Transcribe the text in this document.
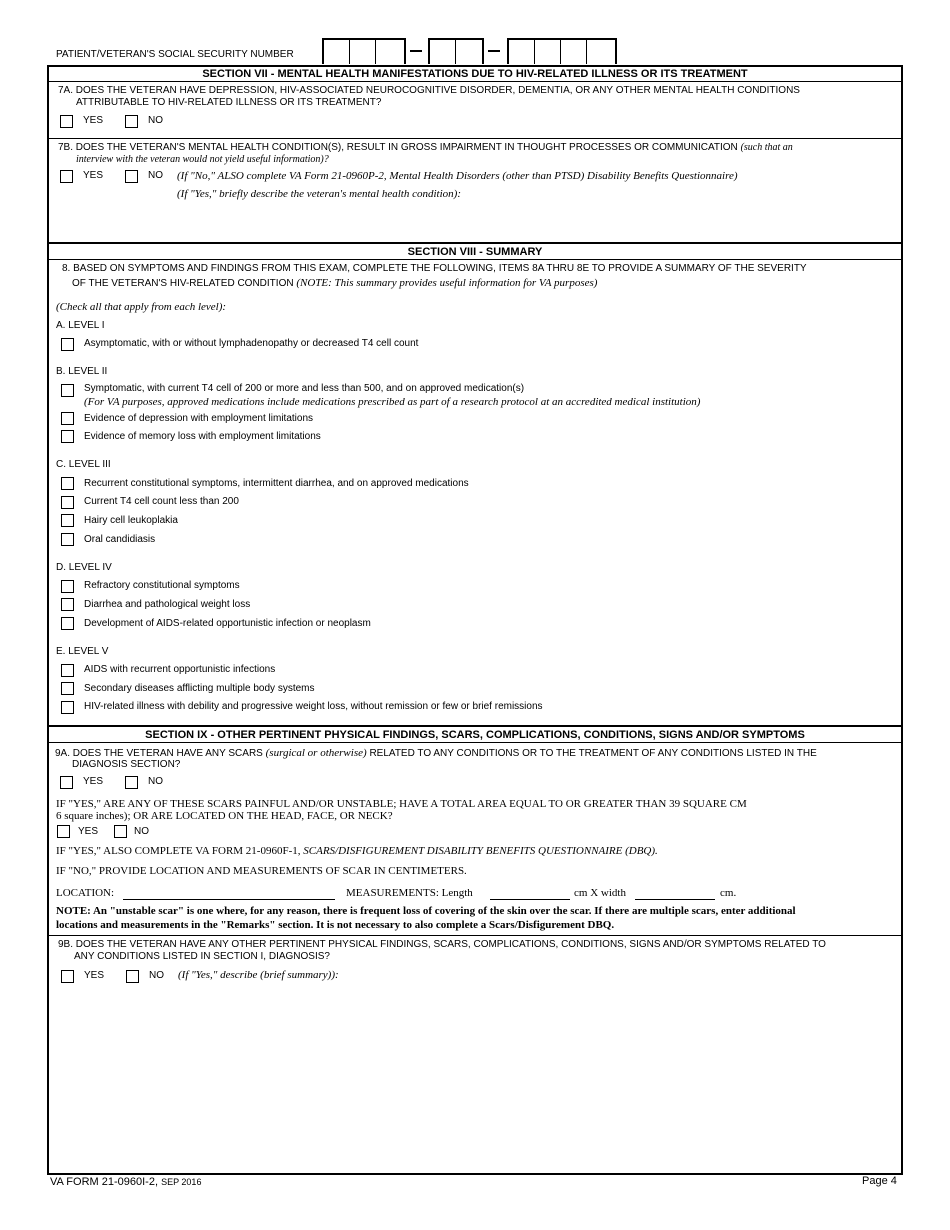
PATIENT/VETERAN'S SOCIAL SECURITY NUMBER
SECTION VII - MENTAL HEALTH MANIFESTATIONS DUE TO HIV-RELATED ILLNESS OR ITS TREATMENT
7A. DOES THE VETERAN HAVE DEPRESSION, HIV-ASSOCIATED NEUROCOGNITIVE DISORDER, DEMENTIA, OR ANY OTHER MENTAL HEALTH CONDITIONS
ATTRIBUTABLE TO HIV-RELATED ILLNESS OR ITS TREATMENT?
YES	NO
7B. DOES THE VETERAN'S MENTAL HEALTH CONDITION(S), RESULT IN GROSS IMPAIRMENT IN THOUGHT PROCESSES OR COMMUNICATION (such that an
interview with the veteran would not yield useful information)?
YES	NO (If "No," ALSO complete VA Form 21-0960P-2, Mental Health Disorders (other than PTSD) Disability Benefits Questionnaire)
(If "Yes," briefly describe the veteran's mental health condition):
SECTION VIII - SUMMARY
8. BASED ON SYMPTOMS AND FINDINGS FROM THIS EXAM, COMPLETE THE FOLLOWING, ITEMS 8A THRU 8E TO PROVIDE A SUMMARY OF THE SEVERITY
OF THE VETERAN'S HIV-RELATED CONDITION (NOTE: This summary provides useful information for VA purposes)
(Check all that apply from each level):
A. LEVEL I
Asymptomatic, with or without lymphadenopathy or decreased T4 cell count
B. LEVEL II
Symptomatic, with current T4 cell of 200 or more and less than 500, and on approved medication(s)
(For VA purposes, approved medications include medications prescribed as part of a research protocol at an accredited medical institution)
Evidence of depression with employment limitations
Evidence of memory loss with employment limitations
C. LEVEL III
Recurrent constitutional symptoms, intermittent diarrhea, and on approved medications
Current T4 cell count less than 200
Hairy cell leukoplakia
Oral candidiasis
D. LEVEL IV
Refractory constitutional symptoms
Diarrhea and pathological weight loss
Development of AIDS-related opportunistic infection or neoplasm
E. LEVEL V
AIDS with recurrent opportunistic infections
Secondary diseases afflicting multiple body systems
HIV-related illness with debility and progressive weight loss, without remission or few or brief remissions
SECTION IX - OTHER PERTINENT PHYSICAL FINDINGS, SCARS, COMPLICATIONS, CONDITIONS, SIGNS AND/OR SYMPTOMS
9A. DOES THE VETERAN HAVE ANY SCARS (surgical or otherwise) RELATED TO ANY CONDITIONS OR TO THE TREATMENT OF ANY CONDITIONS LISTED IN THE
DIAGNOSIS SECTION?
YES	NO
IF "YES," ARE ANY OF THESE SCARS PAINFUL AND/OR UNSTABLE; HAVE A TOTAL AREA EQUAL TO OR GREATER THAN 39 SQUARE CM
6 square inches); OR ARE LOCATED ON THE HEAD, FACE, OR NECK?
YES	NO
IF "YES," ALSO COMPLETE VA FORM 21-0960F-1, SCARS/DISFIGUREMENT DISABILITY BENEFITS QUESTIONNAIRE (DBQ).
IF "NO," PROVIDE LOCATION AND MEASUREMENTS OF SCAR IN CENTIMETERS.
LOCATION:	MEASUREMENTS: Length	cm X width	cm.
NOTE: An "unstable scar" is one where, for any reason, there is frequent loss of covering of the skin over the scar. If there are multiple scars, enter additional
locations and measurements in the "Remarks" section. It is not necessary to also complete a Scars/Disfigurement DBQ.
9B. DOES THE VETERAN HAVE ANY OTHER PERTINENT PHYSICAL FINDINGS, SCARS, COMPLICATIONS, CONDITIONS, SIGNS AND/OR SYMPTOMS RELATED TO
ANY CONDITIONS LISTED IN SECTION I, DIAGNOSIS?
YES	NO (If "Yes," describe (brief summary)):
VA FORM 21-0960I-2, SEP 2016	Page 4
